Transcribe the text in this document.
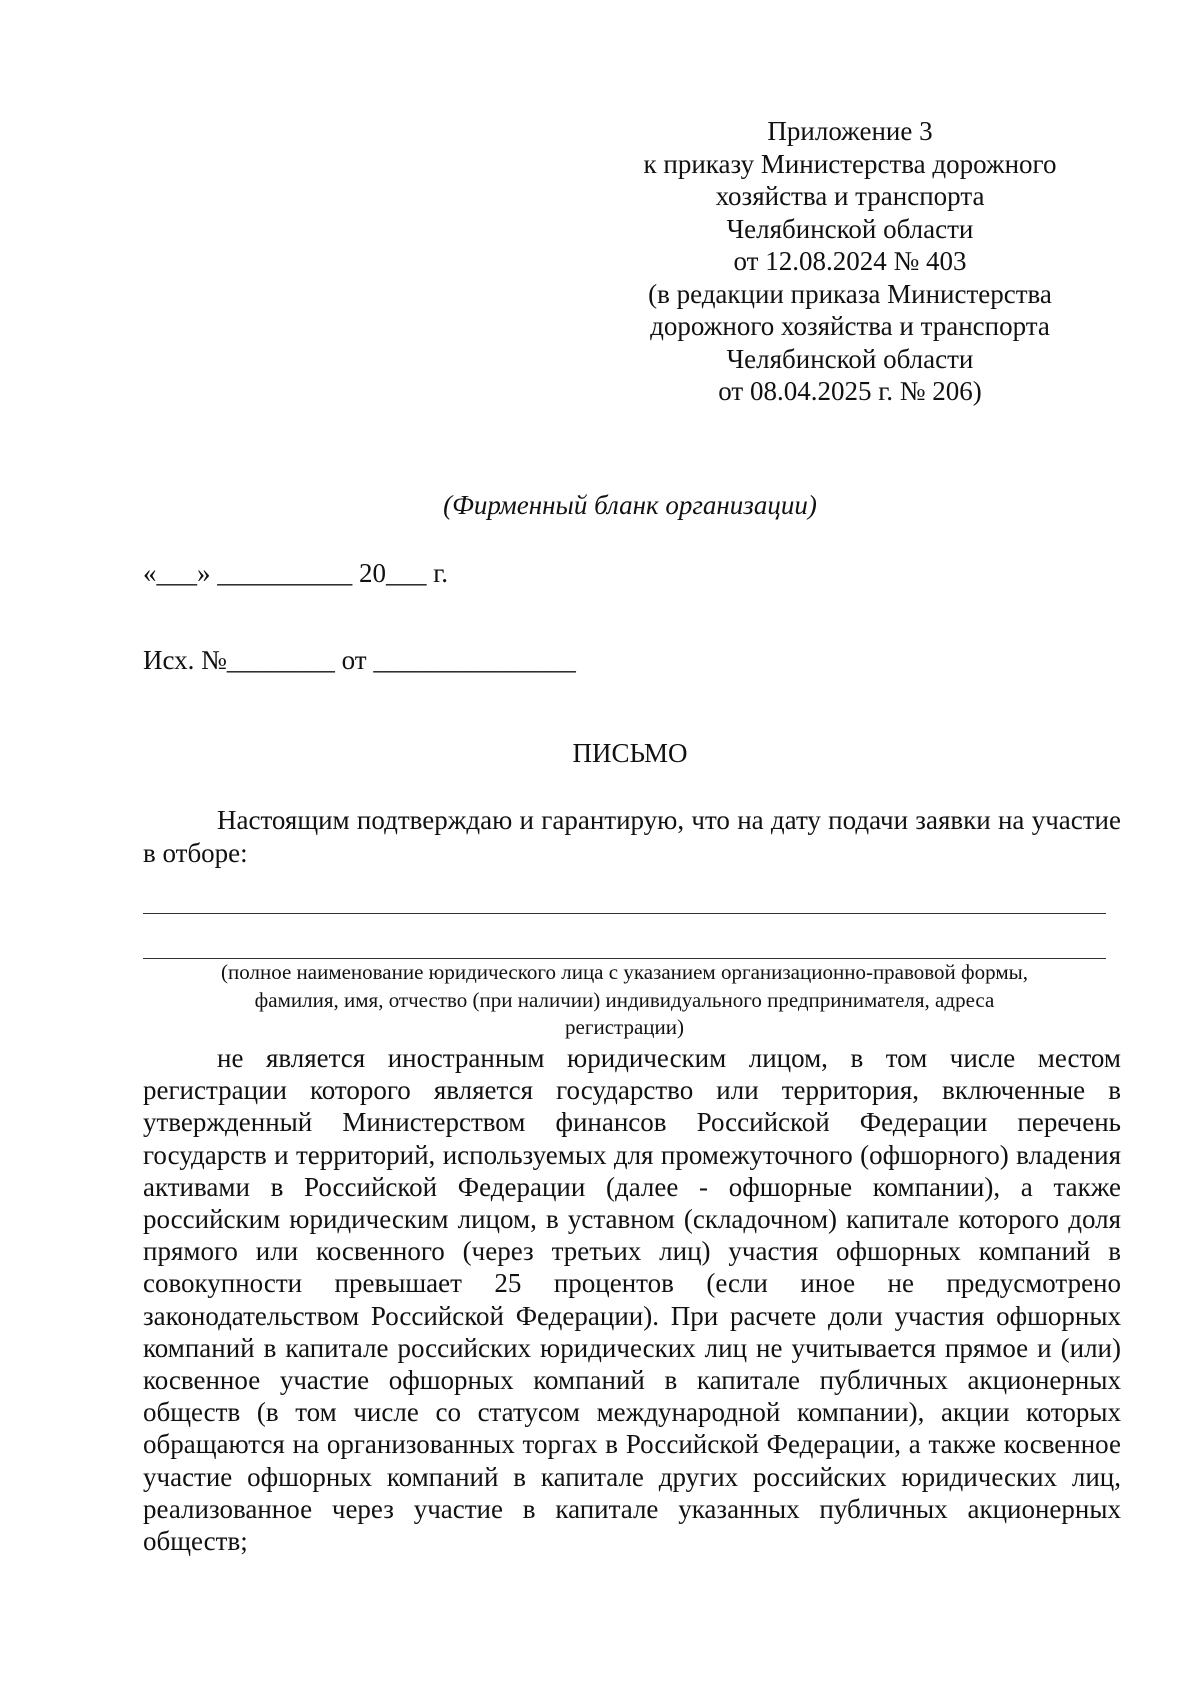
Приложение 3
к приказу Министерства дорожного
хозяйства и транспорта
Челябинской области
от 12.08.2024 № 403
(в редакции приказа Министерства
дорожного хозяйства и транспорта
Челябинской области
от 08.04.2025 г. № 206)
(Фирменный бланк организации)
«___» __________ 20___ г.
Исх. №________ от _______________
ПИСЬМО

Настоящим подтверждаю и гарантирую, что на дату подачи заявки на участие в отборе:

(полное наименование юридического лица с указанием организационно-правовой формы,
фамилия, имя, отчество (при наличии) индивидуального предпринимателя, адреса
регистрации)

не является иностранным юридическим лицом, в том числе местом регистрации которого является государство или территория, включенные в утвержденный Министерством финансов Российской Федерации перечень государств и территорий, используемых для промежуточного (офшорного) владения активами в Российской Федерации (далее - офшорные компании), а также российским юридическим лицом, в уставном (складочном) капитале которого доля прямого или косвенного (через третьих лиц) участия офшорных компаний в совокупности превышает 25 процентов (если иное не предусмотрено законодательством Российской Федерации). При расчете доли участия офшорных компаний в капитале российских юридических лиц не учитывается прямое и (или) косвенное участие офшорных компаний в капитале публичных акционерных обществ (в том числе со статусом международной компании), акции которых обращаются на организованных торгах в Российской Федерации, а также косвенное участие офшорных компаний в капитале других российских юридических лиц, реализованное через участие в капитале указанных публичных акционерных обществ;
